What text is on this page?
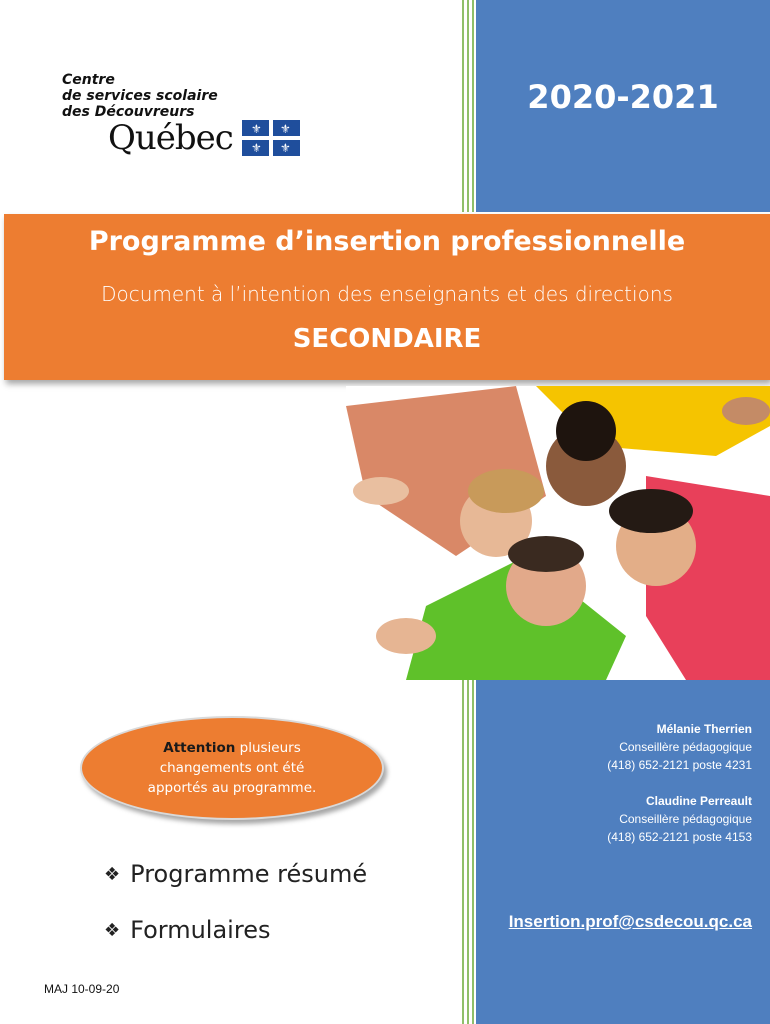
Centre
de services scolaire
des Découvreurs
Québec ⚜ ⚜
⚜ ⚜
2020-2021
Programme d’insertion professionnelle
Document à l’intention des enseignants et des directions
SECONDAIRE
Attention plusieurs
changements ont été
apportés au programme.
❖ Programme résumé
❖ Formulaires
MAJ 10-09-20
Mélanie Therrien
Conseillère pédagogique
(418) 652-2121 poste 4231
Claudine Perreault
Conseillère pédagogique
(418) 652-2121 poste 4153
Insertion.prof@csdecou.qc.ca
